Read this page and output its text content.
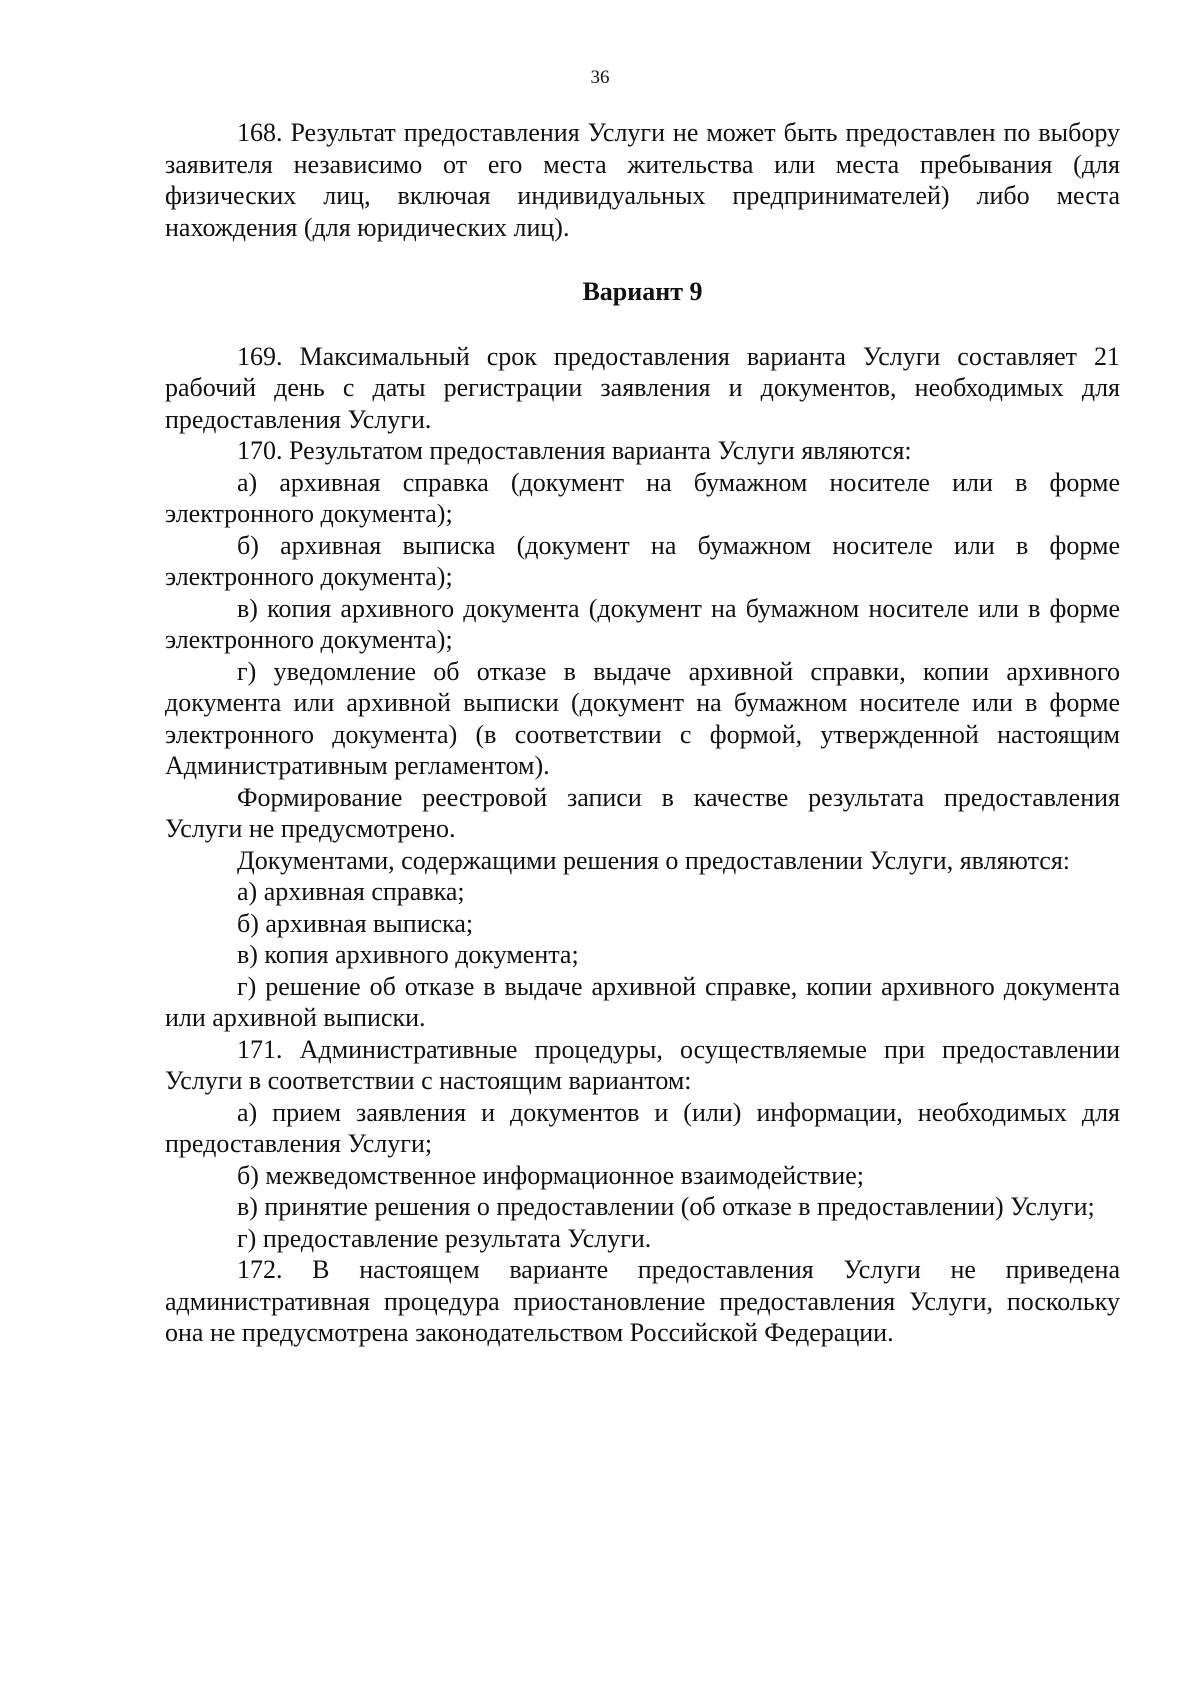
36

168. Результат предоставления Услуги не может быть предоставлен по выбору заявителя независимо от его места жительства или места пребывания (для физических лиц, включая индивидуальных предпринимателей) либо места нахождения (для юридических лиц).

Вариант 9

169. Максимальный срок предоставления варианта Услуги составляет 21 рабочий день с даты регистрации заявления и документов, необходимых для предоставления Услуги.

170. Результатом предоставления варианта Услуги являются:

а) архивная справка (документ на бумажном носителе или в форме электронного документа);

б) архивная выписка (документ на бумажном носителе или в форме электронного документа);

в) копия архивного документа (документ на бумажном носителе или в форме электронного документа);

г) уведомление об отказе в выдаче архивной справки, копии архивного документа или архивной выписки (документ на бумажном носителе или в форме электронного документа) (в соответствии с формой, утвержденной настоящим Административным регламентом).

Формирование реестровой записи в качестве результата предоставления Услуги не предусмотрено.

Документами, содержащими решения о предоставлении Услуги, являются:

а) архивная справка;

б) архивная выписка;

в) копия архивного документа;

г) решение об отказе в выдаче архивной справке, копии архивного документа или архивной выписки.

171. Административные процедуры, осуществляемые при предоставлении Услуги в соответствии с настоящим вариантом:

а) прием заявления и документов и (или) информации, необходимых для предоставления Услуги;

б) межведомственное информационное взаимодействие;

в) принятие решения о предоставлении (об отказе в предоставлении) Услуги;

г) предоставление результата Услуги.

172. В настоящем варианте предоставления Услуги не приведена административная процедура приостановление предоставления Услуги, поскольку она не предусмотрена законодательством Российской Федерации.
